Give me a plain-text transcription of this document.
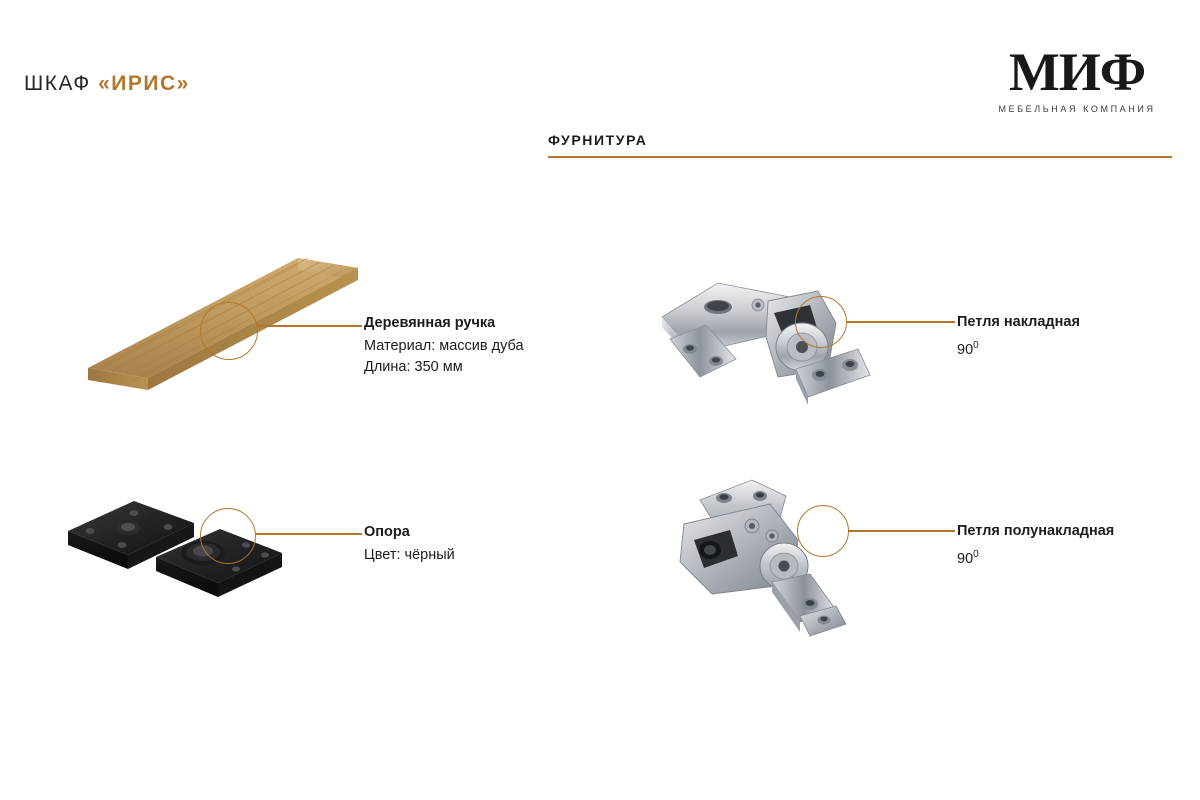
ШКАФ «ИРИС»	МИФ
МЕБЕЛЬНАЯ КОМПАНИЯ
ФУРНИТУРА
Деревянная ручка
Материал: массив дуба
Длина: 350 мм
Петля накладная
$90^0$
Опора
Цвет: чёрный
Петля полунакладная
$90^0$
